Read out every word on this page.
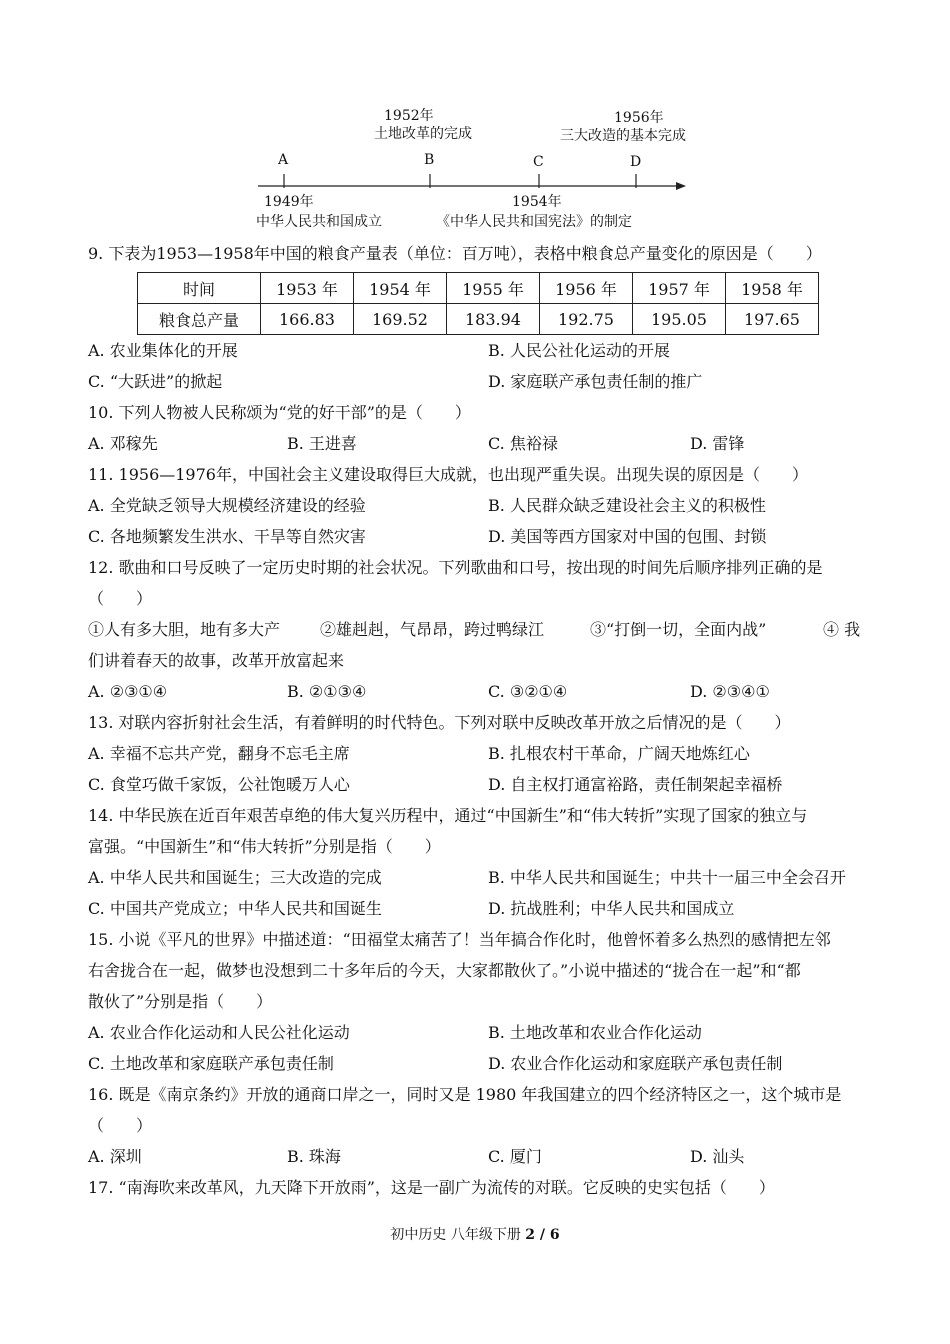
1952年
土地改革的完成
1956年
三大改造的基本完成
A	B	C	D
1949年
中华人民共和国成立
1954年
《中华人民共和国宪法》的制定
9. 下表为1953—1958年中国的粮食产量表（单位：百万吨），表格中粮食总产量变化的原因是（　　）
时间	1953 年	1954 年	1955 年	1956 年	1957 年	1958 年
粮食总产量	166.83	169.52	183.94	192.75	195.05	197.65
A. 农业集体化的开展	B. 人民公社化运动的开展
C. “大跃进”的掀起	D. 家庭联产承包责任制的推广
10. 下列人物被人民称颂为“党的好干部”的是（　　）
A. 邓稼先	B. 王进喜	C. 焦裕禄	D. 雷锋
11. 1956—1976年，中国社会主义建设取得巨大成就，也出现严重失误。出现失误的原因是（　　）
A. 全党缺乏领导大规模经济建设的经验	B. 人民群众缺乏建设社会主义的积极性
C. 各地频繁发生洪水、干旱等自然灾害	D. 美国等西方国家对中国的包围、封锁
12. 歌曲和口号反映了一定历史时期的社会状况。下列歌曲和口号，按出现的时间先后顺序排列正确的是
（　　）
①人有多大胆，地有多大产 ②雄赳赳，气昂昂，跨过鸭绿江	③“打倒一切，全面内战”	④ 我
们讲着春天的故事，改革开放富起来
A. ②③①④	B. ②①③④	C. ③②①④	D. ②③④①
13. 对联内容折射社会生活，有着鲜明的时代特色。下列对联中反映改革开放之后情况的是（　　）
A. 幸福不忘共产党，翻身不忘毛主席	B. 扎根农村干革命，广阔天地炼红心
C. 食堂巧做千家饭，公社饱暖万人心	D. 自主权打通富裕路，责任制架起幸福桥
14. 中华民族在近百年艰苦卓绝的伟大复兴历程中，通过“中国新生”和“伟大转折”实现了国家的独立与
富强。“中国新生”和“伟大转折”分别是指（　　）
A. 中华人民共和国诞生；三大改造的完成	B. 中华人民共和国诞生；中共十一届三中全会召开
C. 中国共产党成立；中华人民共和国诞生	D. 抗战胜利；中华人民共和国成立
15. 小说《平凡的世界》中描述道：“田福堂太痛苦了！当年搞合作化时，他曾怀着多么热烈的感情把左邻
右舍拢合在一起，做梦也没想到二十多年后的今天，大家都散伙了。”小说中描述的“拢合在一起”和“都
散伙了”分别是指（　　）
A. 农业合作化运动和人民公社化运动	B. 土地改革和农业合作化运动
C. 土地改革和家庭联产承包责任制	D. 农业合作化运动和家庭联产承包责任制
16. 既是《南京条约》开放的通商口岸之一，同时又是 1980 年我国建立的四个经济特区之一，这个城市是
（　　）
A. 深圳	B. 珠海	C. 厦门	D. 汕头
17. “南海吹来改革风，九天降下开放雨”，这是一副广为流传的对联。它反映的史实包括（　　）
初中历史 八年级下册 2 / 6
